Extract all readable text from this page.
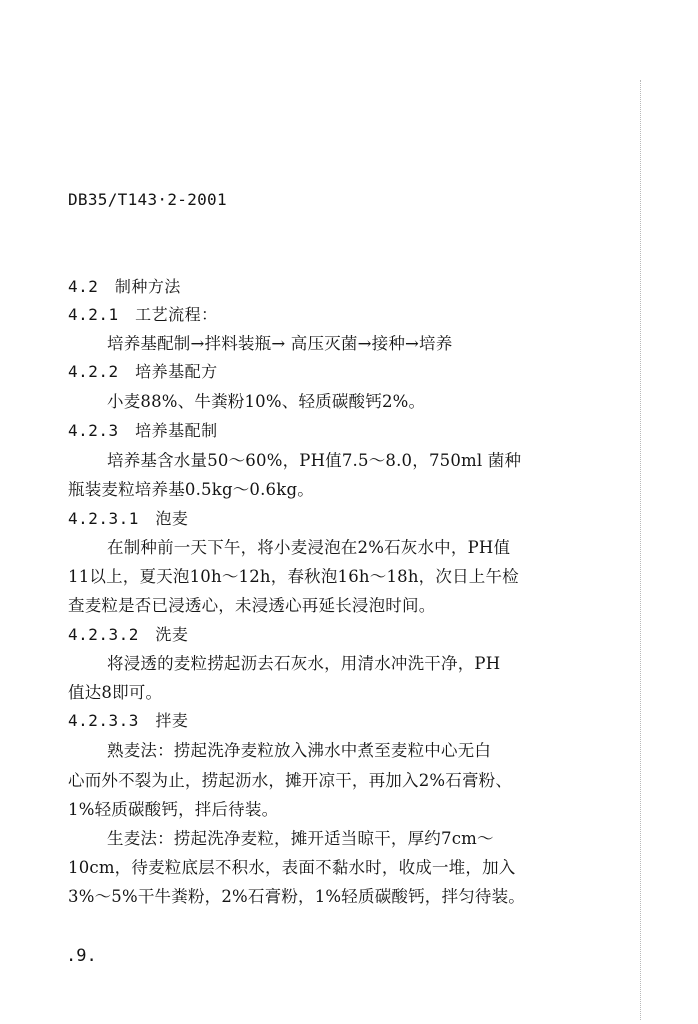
DB35/T143·2-2001
4.2　制种方法
4.2.1　工艺流程：
培养基配制→拌料装瓶→ 高压灭菌→接种→培养
4.2.2　培养基配方
小麦88%、牛粪粉10%、轻质碳酸钙2%。
4.2.3　培养基配制
培养基含水量50～60%，PH值7.5～8.0，750ml 菌种
瓶装麦粒培养基0.5kg～0.6kg。
4.2.3.1　泡麦
在制种前一天下午，将小麦浸泡在2%石灰水中，PH值
11以上，夏天泡10h～12h，春秋泡16h～18h，次日上午检
查麦粒是否已浸透心，未浸透心再延长浸泡时间。
4.2.3.2　洗麦
将浸透的麦粒捞起沥去石灰水，用清水冲洗干净，PH
值达8即可。
4.2.3.3　拌麦
熟麦法：捞起洗净麦粒放入沸水中煮至麦粒中心无白
心而外不裂为止，捞起沥水，摊开凉干，再加入2%石膏粉、
1%轻质碳酸钙，拌后待装。
生麦法：捞起洗净麦粒，摊开适当晾干，厚约7cm～
10cm，待麦粒底层不积水，表面不黏水时，收成一堆，加入
3%～5%干牛粪粉，2%石膏粉，1%轻质碳酸钙，拌匀待装。
.9.
